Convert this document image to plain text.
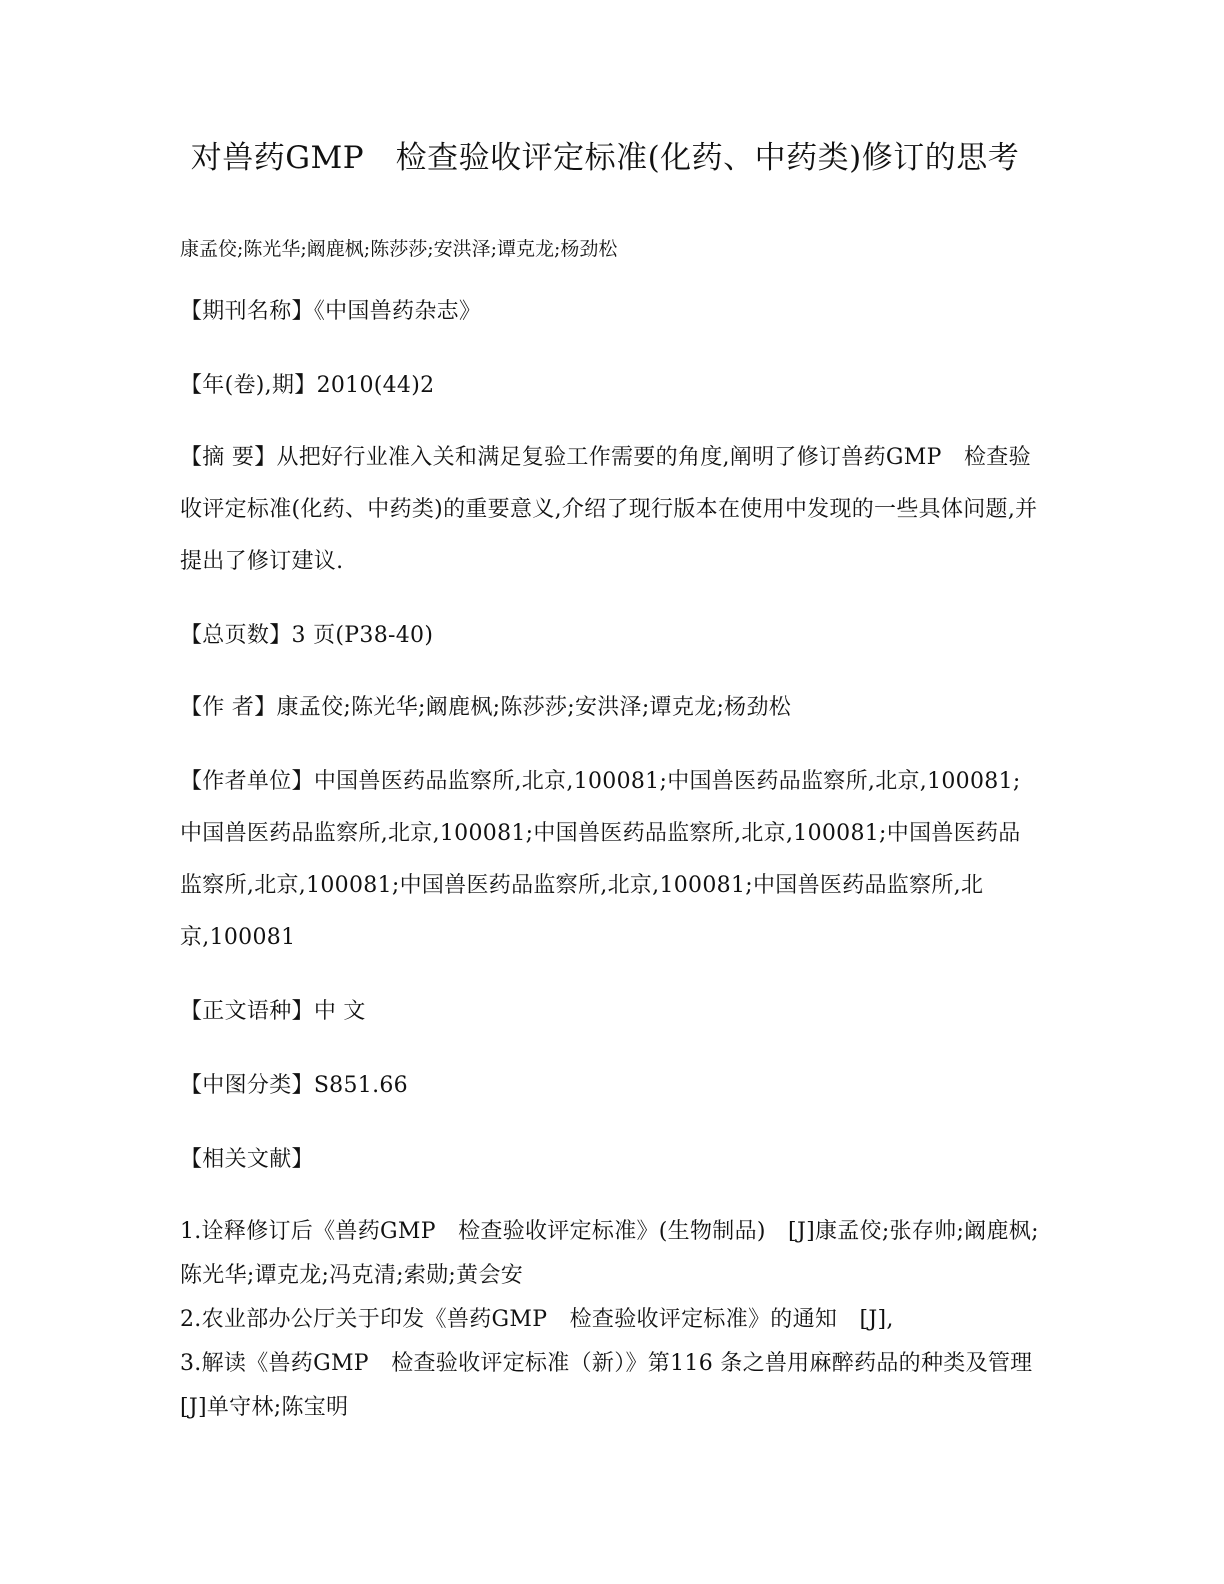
对兽药GMP　检查验收评定标准(化药、中药类)修订的思考
康孟佼;陈光华;阚鹿枫;陈莎莎;安洪泽;谭克龙;杨劲松
【期刊名称】《中国兽药杂志》
【年(卷),期】2010(44)2
【摘 要】从把好行业准入关和满足复验工作需要的角度,阐明了修订兽药GMP　检查验收评定标准(化药、中药类)的重要意义,介绍了现行版本在使用中发现的一些具体问题,并提出了修订建议.
【总页数】3 页(P38-40)
【作 者】康孟佼;陈光华;阚鹿枫;陈莎莎;安洪泽;谭克龙;杨劲松
【作者单位】中国兽医药品监察所,北京,100081;中国兽医药品监察所,北京,100081;中国兽医药品监察所,北京,100081;中国兽医药品监察所,北京,100081;中国兽医药品监察所,北京,100081;中国兽医药品监察所,北京,100081;中国兽医药品监察所,北京,100081
【正文语种】中 文
【中图分类】S851.66
【相关文献】
1.诠释修订后《兽药GMP　检查验收评定标准》(生物制品)　[J]康孟佼;张存帅;阚鹿枫;陈光华;谭克龙;冯克清;索勋;黄会安
2.农业部办公厅关于印发《兽药GMP　检查验收评定标准》的通知　[J],
3.解读《兽药GMP　检查验收评定标准（新）》第116 条之兽用麻醉药品的种类及管理　[J]单守林;陈宝明
